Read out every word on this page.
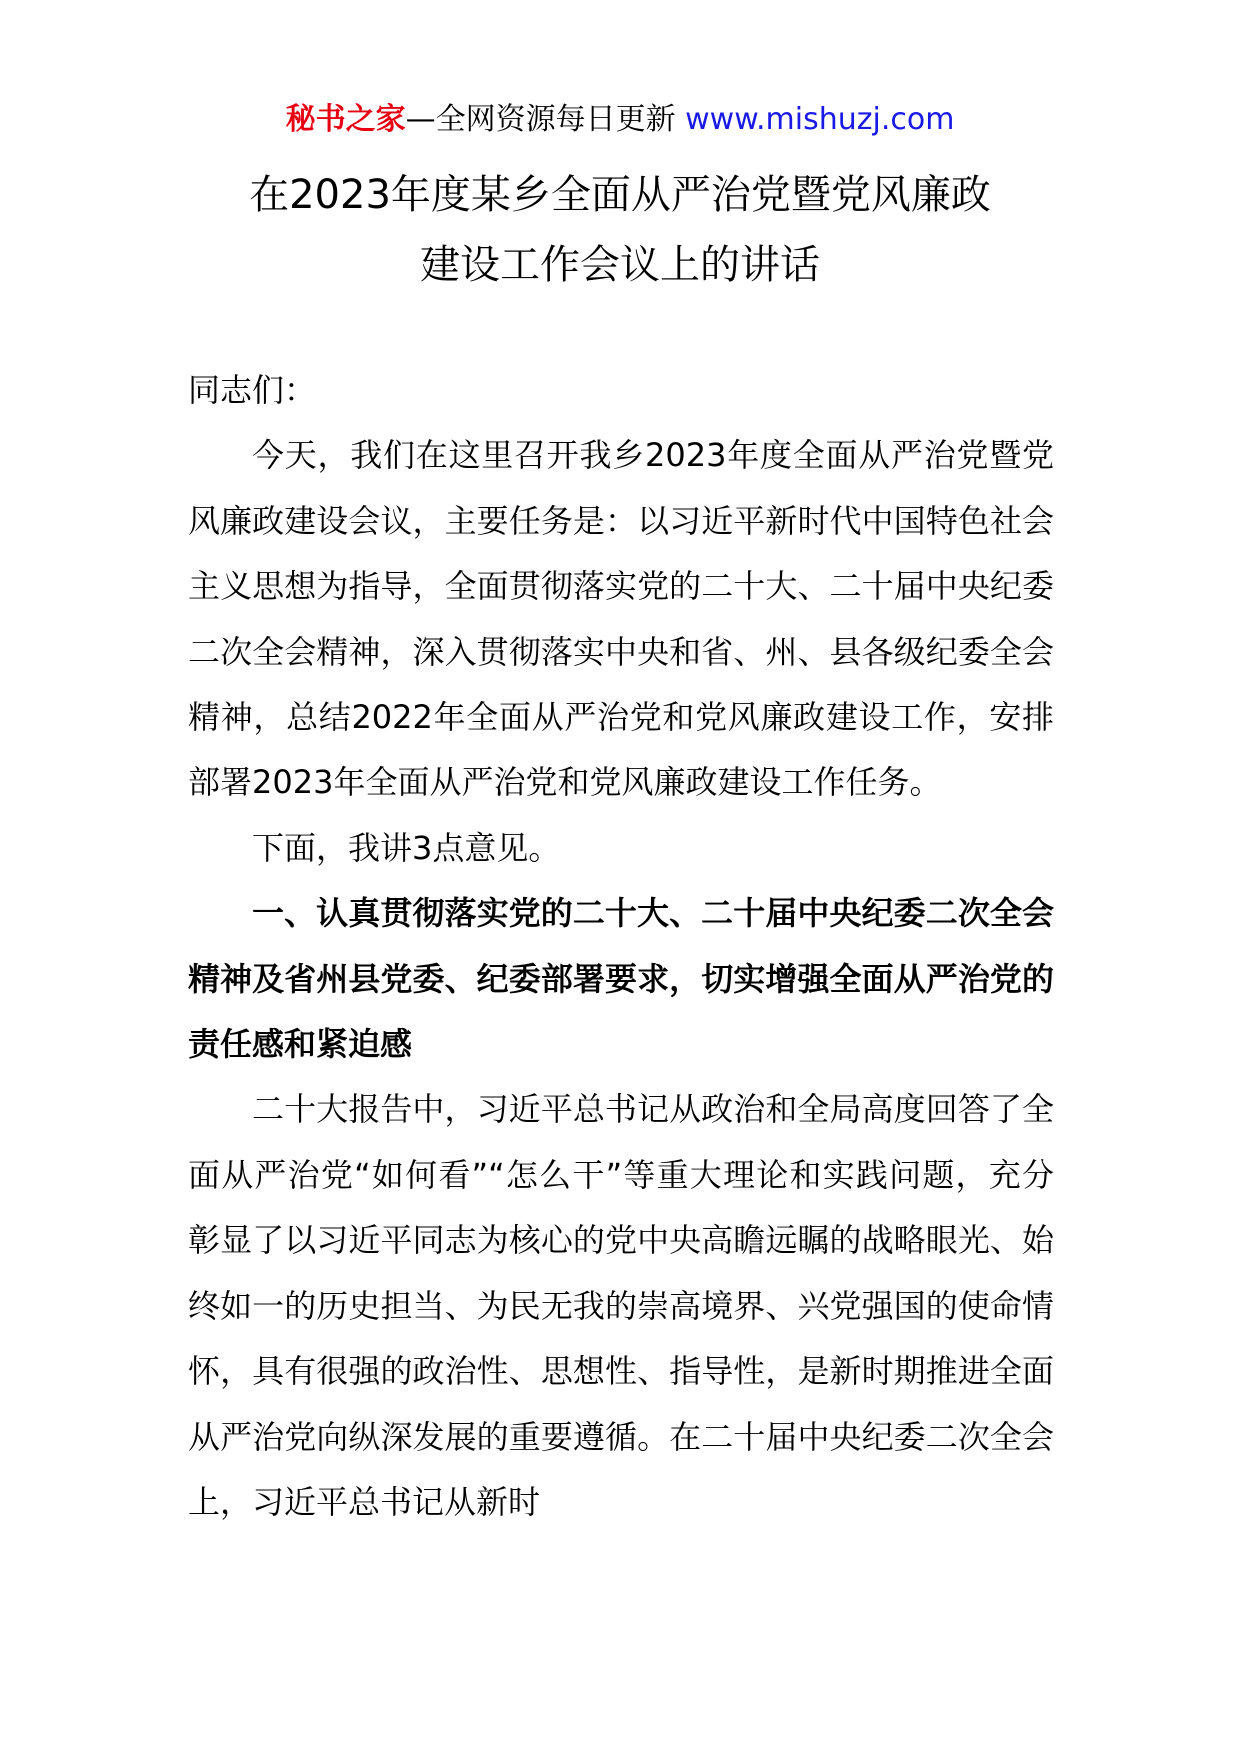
秘书之家—全网资源每日更新 www.mishuzj.com
在2023年度某乡全面从严治党暨党风廉政
建设工作会议上的讲话

同志们：

今天，我们在这里召开我乡2023年度全面从严治党暨党风廉政建设会议，主要任务是：以习近平新时代中国特色社会主义思想为指导，全面贯彻落实党的二十大、二十届中央纪委二次全会精神，深入贯彻落实中央和省、州、县各级纪委全会精神，总结2022年全面从严治党和党风廉政建设工作，安排部署2023年全面从严治党和党风廉政建设工作任务。

下面，我讲3点意见。

一、认真贯彻落实党的二十大、二十届中央纪委二次全会精神及省州县党委、纪委部署要求，切实增强全面从严治党的责任感和紧迫感

二十大报告中，习近平总书记从政治和全局高度回答了全面从严治党“如何看”“怎么干”等重大理论和实践问题，充分彰显了以习近平同志为核心的党中央高瞻远瞩的战略眼光、始终如一的历史担当、为民无我的崇高境界、兴党强国的使命情怀，具有很强的政治性、思想性、指导性，是新时期推进全面从严治党向纵深发展的重要遵循。在二十届中央纪委二次全会上，习近平总书记从新时
